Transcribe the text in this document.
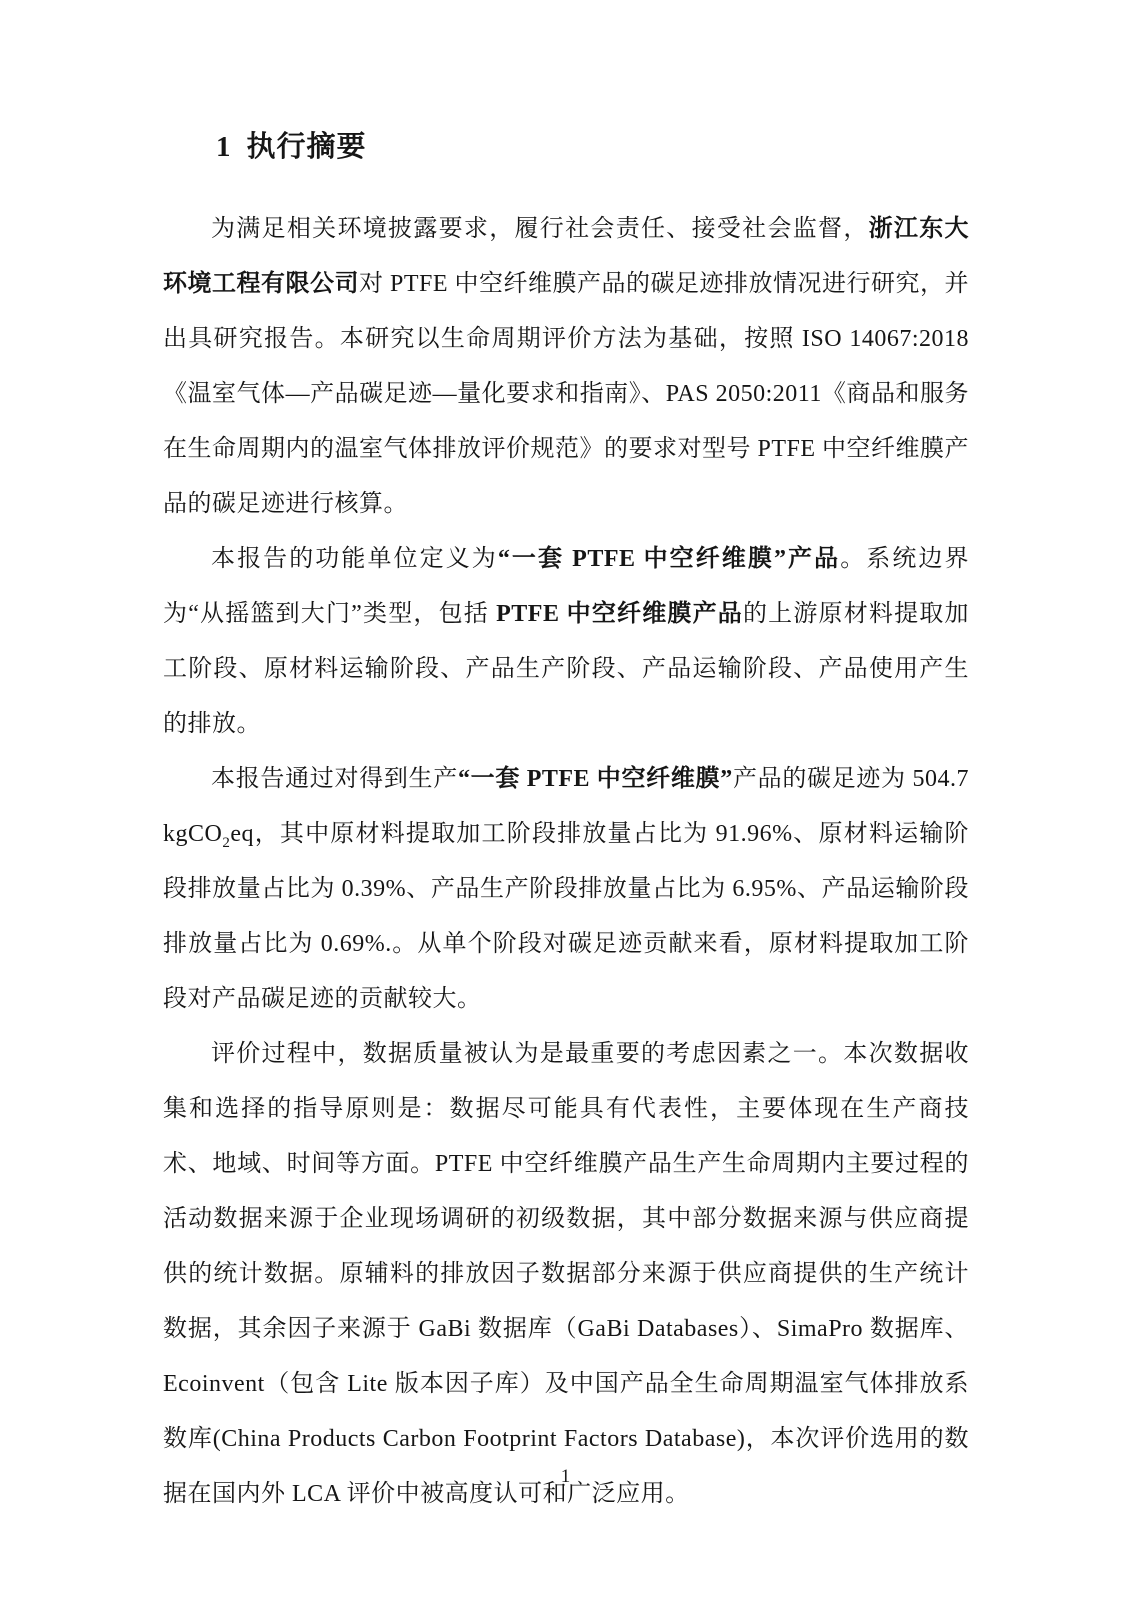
1 执行摘要

为满足相关环境披露要求，履行社会责任、接受社会监督，浙江东大环境工程有限公司对 PTFE 中空纤维膜产品的碳足迹排放情况进行研究，并出具研究报告。本研究以生命周期评价方法为基础，按照 ISO 14067:2018《温室气体—产品碳足迹—量化要求和指南》、PAS 2050:2011《商品和服务在生命周期内的温室气体排放评价规范》的要求对型号 PTFE 中空纤维膜产品的碳足迹进行核算。

本报告的功能单位定义为“一套 PTFE 中空纤维膜”产品。系统边界为“从摇篮到大门”类型，包括 PTFE 中空纤维膜产品的上游原材料提取加工阶段、原材料运输阶段、产品生产阶段、产品运输阶段、产品使用产生的排放。

本报告通过对得到生产“一套 PTFE 中空纤维膜”产品的碳足迹为 504.7 kgCO$_2$eq，其中原材料提取加工阶段排放量占比为 91.96%、原材料运输阶段排放量占比为 0.39%、产品生产阶段排放量占比为 6.95%、产品运输阶段排放量占比为 0.69%.。从单个阶段对碳足迹贡献来看，原材料提取加工阶段对产品碳足迹的贡献较大。

评价过程中，数据质量被认为是最重要的考虑因素之一。本次数据收集和选择的指导原则是：数据尽可能具有代表性，主要体现在生产商技术、地域、时间等方面。PTFE 中空纤维膜产品生产生命周期内主要过程的活动数据来源于企业现场调研的初级数据，其中部分数据来源与供应商提供的统计数据。原辅料的排放因子数据部分来源于供应商提供的生产统计数据，其余因子来源于 GaBi 数据库（GaBi Databases）、SimaPro 数据库、Ecoinvent（包含 Lite 版本因子库）及中国产品全生命周期温室气体排放系数库(China Products Carbon Footprint Factors Database)，本次评价选用的数据在国内外 LCA 评价中被高度认可和广泛应用。

1
